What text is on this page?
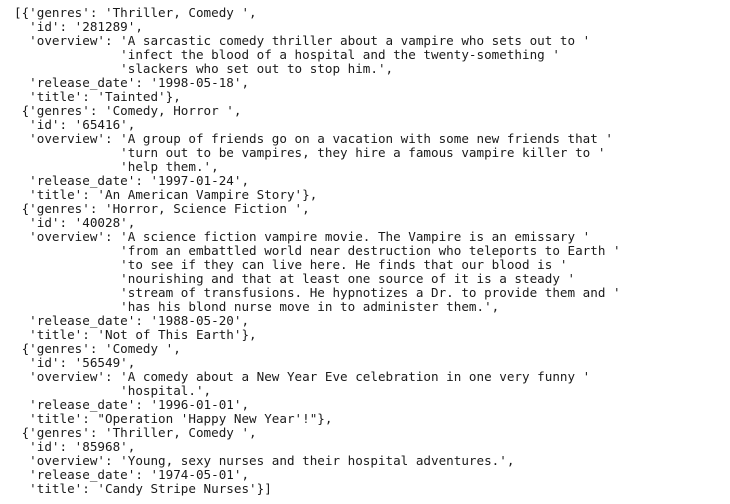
[{'genres': 'Thriller, Comedy ',
'id': '281289',
'overview': 'A sarcastic comedy thriller about a vampire who sets out to '
'infect the blood of a hospital and the twenty-something '
'slackers who set out to stop him.',
'release_date': '1998-05-18',
'title': 'Tainted'},
{'genres': 'Comedy, Horror ',
'id': '65416',
'overview': 'A group of friends go on a vacation with some new friends that '
'turn out to be vampires, they hire a famous vampire killer to '
'help them.',
'release_date': '1997-01-24',
'title': 'An American Vampire Story'},
{'genres': 'Horror, Science Fiction ',
'id': '40028',
'overview': 'A science fiction vampire movie. The Vampire is an emissary '
'from an embattled world near destruction who teleports to Earth '
'to see if they can live here. He finds that our blood is '
'nourishing and that at least one source of it is a steady '
'stream of transfusions. He hypnotizes a Dr. to provide them and '
'has his blond nurse move in to administer them.',
'release_date': '1988-05-20',
'title': 'Not of This Earth'},
{'genres': 'Comedy ',
'id': '56549',
'overview': 'A comedy about a New Year Eve celebration in one very funny '
'hospital.',
'release_date': '1996-01-01',
'title': "Operation 'Happy New Year'!"},
{'genres': 'Thriller, Comedy ',
'id': '85968',
'overview': 'Young, sexy nurses and their hospital adventures.',
'release_date': '1974-05-01',
'title': 'Candy Stripe Nurses'}]
